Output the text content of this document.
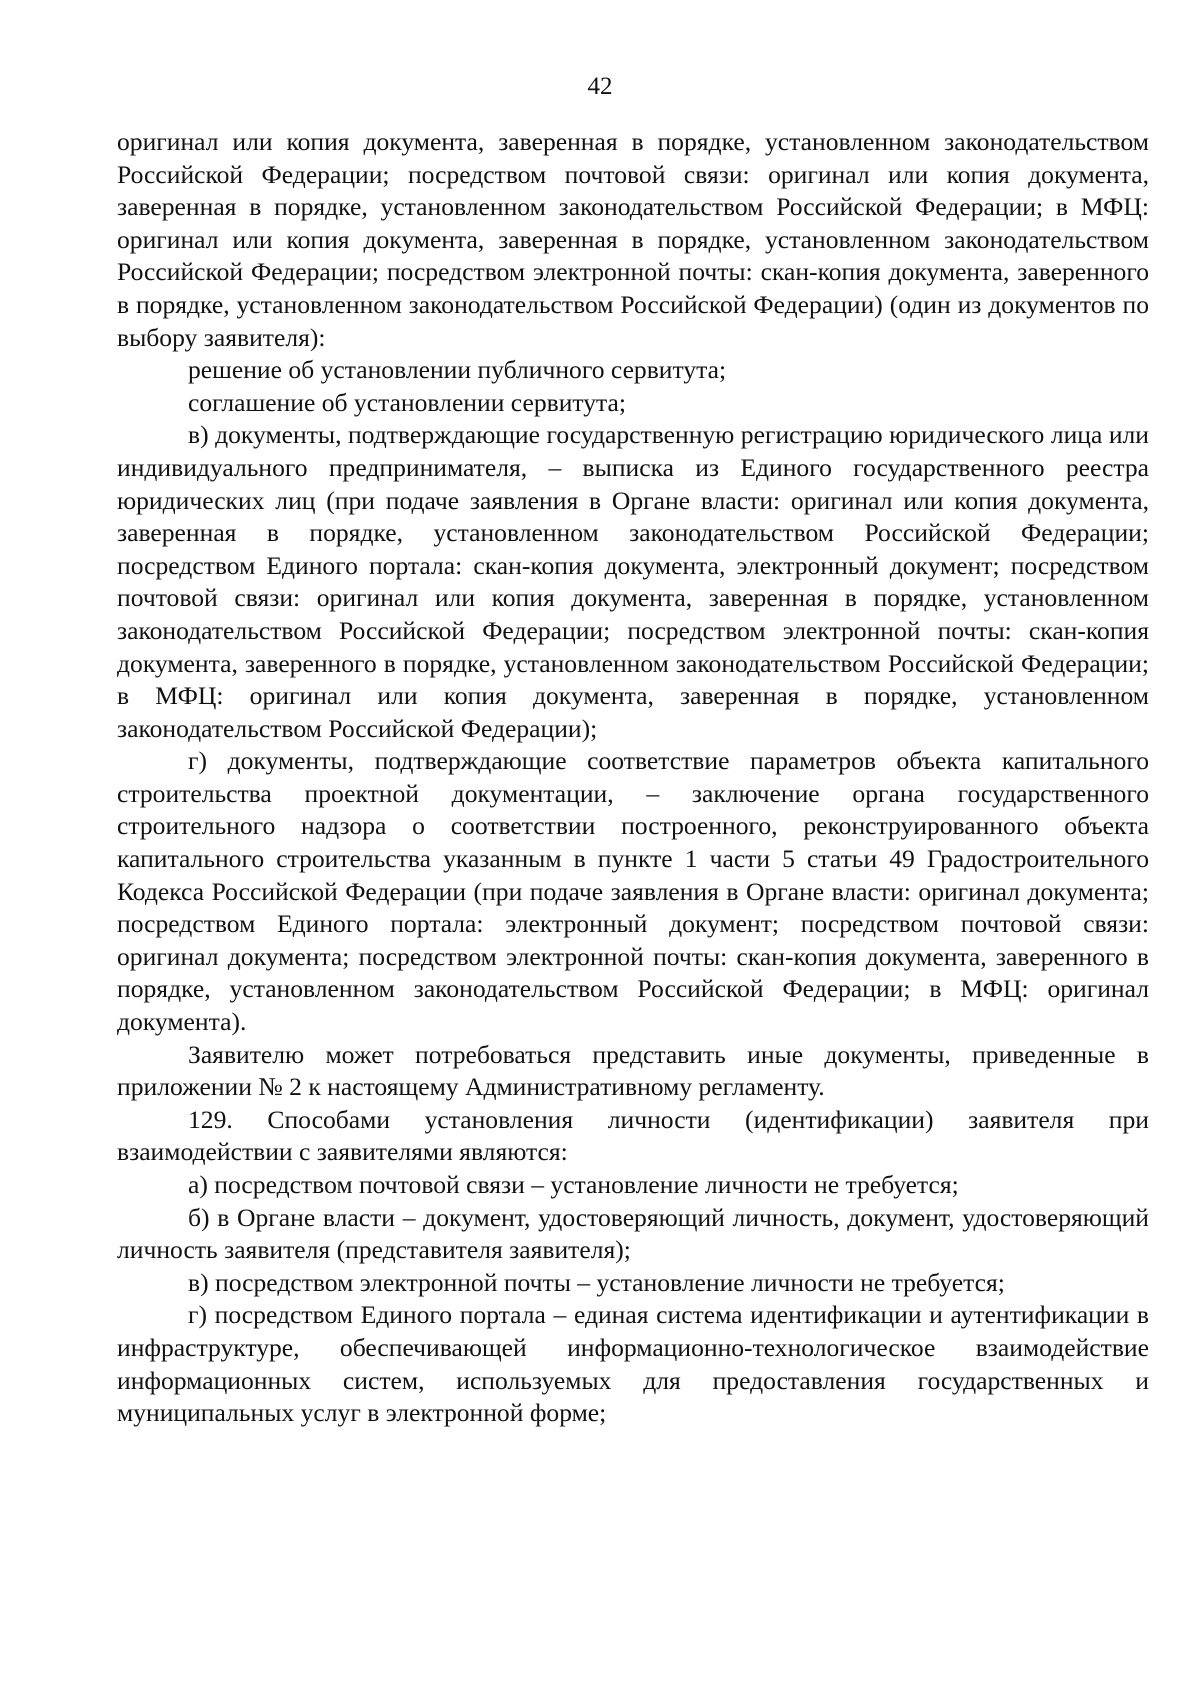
42

оригинал или копия документа, заверенная в порядке, установленном законодательством Российской Федерации; посредством почтовой связи: оригинал или копия документа, заверенная в порядке, установленном законодательством Российской Федерации; в МФЦ: оригинал или копия документа, заверенная в порядке, установленном законодательством Российской Федерации; посредством электронной почты: скан-копия документа, заверенного в порядке, установленном законодательством Российской Федерации) (один из документов по выбору заявителя):

решение об установлении публичного сервитута;

соглашение об установлении сервитута;

в) документы, подтверждающие государственную регистрацию юридического лица или индивидуального предпринимателя, – выписка из Единого государственного реестра юридических лиц (при подаче заявления в Органе власти: оригинал или копия документа, заверенная в порядке, установленном законодательством Российской Федерации; посредством Единого портала: скан-копия документа, электронный документ; посредством почтовой связи: оригинал или копия документа, заверенная в порядке, установленном законодательством Российской Федерации; посредством электронной почты: скан-копия документа, заверенного в порядке, установленном законодательством Российской Федерации; в МФЦ: оригинал или копия документа, заверенная в порядке, установленном законодательством Российской Федерации);

г) документы, подтверждающие соответствие параметров объекта капитального строительства проектной документации, – заключение органа государственного строительного надзора о соответствии построенного, реконструированного объекта капитального строительства указанным в пункте 1 части 5 статьи 49 Градостроительного Кодекса Российской Федерации (при подаче заявления в Органе власти: оригинал документа; посредством Единого портала: электронный документ; посредством почтовой связи: оригинал документа; посредством электронной почты: скан-копия документа, заверенного в порядке, установленном законодательством Российской Федерации; в МФЦ: оригинал документа).

Заявителю может потребоваться представить иные документы, приведенные в приложении № 2 к настоящему Административному регламенту.

129. Способами установления личности (идентификации) заявителя при взаимодействии с заявителями являются:

а) посредством почтовой связи – установление личности не требуется;

б) в Органе власти – документ, удостоверяющий личность, документ, удостоверяющий личность заявителя (представителя заявителя);

в) посредством электронной почты – установление личности не требуется;

г) посредством Единого портала – единая система идентификации и аутентификации в инфраструктуре, обеспечивающей информационно-технологическое взаимодействие информационных систем, используемых для предоставления государственных и муниципальных услуг в электронной форме;
